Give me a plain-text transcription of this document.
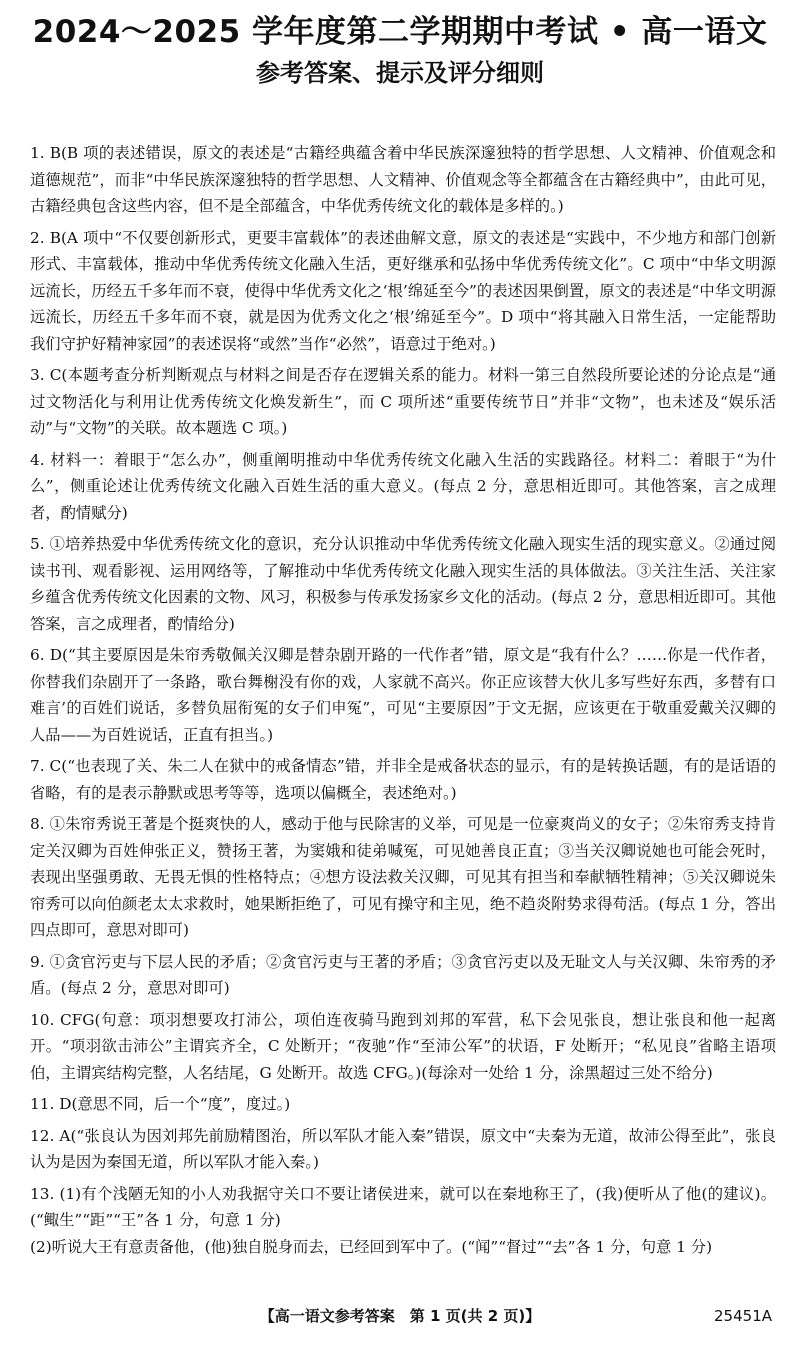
2024～2025 学年度第二学期期中考试 • 高一语文
参考答案、提示及评分细则
1. B(B 项的表述错误，原文的表述是“古籍经典蕴含着中华民族深邃独特的哲学思想、人文精神、价值观念和道德规范”，而非“中华民族深邃独特的哲学思想、人文精神、价值观念等全都蕴含在古籍经典中”，由此可见，古籍经典包含这些内容，但不是全部蕴含，中华优秀传统文化的载体是多样的。)
2. B(A 项中“不仅要创新形式，更要丰富载体”的表述曲解文意，原文的表述是“实践中，不少地方和部门创新形式、丰富载体，推动中华优秀传统文化融入生活，更好继承和弘扬中华优秀传统文化”。C 项中“中华文明源远流长，历经五千多年而不衰，使得中华优秀文化之‘根’绵延至今”的表述因果倒置，原文的表述是“中华文明源远流长，历经五千多年而不衰，就是因为优秀文化之‘根’绵延至今”。D 项中“将其融入日常生活，一定能帮助我们守护好精神家园”的表述误将“或然”当作“必然”，语意过于绝对。)
3. C(本题考查分析判断观点与材料之间是否存在逻辑关系的能力。材料一第三自然段所要论述的分论点是“通过文物活化与利用让优秀传统文化焕发新生”，而 C 项所述“重要传统节日”并非“文物”，也未述及“娱乐活动”与“文物”的关联。故本题选 C 项。)
4. 材料一：着眼于“怎么办”，侧重阐明推动中华优秀传统文化融入生活的实践路径。材料二：着眼于“为什么”，侧重论述让优秀传统文化融入百姓生活的重大意义。(每点 2 分，意思相近即可。其他答案，言之成理者，酌情赋分)
5. ①培养热爱中华优秀传统文化的意识，充分认识推动中华优秀传统文化融入现实生活的现实意义。②通过阅读书刊、观看影视、运用网络等，了解推动中华优秀传统文化融入现实生活的具体做法。③关注生活、关注家乡蕴含优秀传统文化因素的文物、风习，积极参与传承发扬家乡文化的活动。(每点 2 分，意思相近即可。其他答案，言之成理者，酌情给分)
6. D(“其主要原因是朱帘秀敬佩关汉卿是替杂剧开路的一代作者”错，原文是“我有什么？……你是一代作者，你替我们杂剧开了一条路，歌台舞榭没有你的戏，人家就不高兴。你正应该替大伙儿多写些好东西，多替有口难言’的百姓们说话，多替负屈衔冤的女子们申冤”，可见“主要原因”于文无据，应该更在于敬重爱戴关汉卿的人品——为百姓说话，正直有担当。)
7. C(“也表现了关、朱二人在狱中的戒备情态”错，并非全是戒备状态的显示，有的是转换话题，有的是话语的省略，有的是表示静默或思考等等，选项以偏概全，表述绝对。)
8. ①朱帘秀说王著是个挺爽快的人，感动于他与民除害的义举，可见是一位豪爽尚义的女子；②朱帘秀支持肯定关汉卿为百姓伸张正义，赞扬王著，为窦娥和徒弟喊冤，可见她善良正直；③当关汉卿说她也可能会死时，表现出坚强勇敢、无畏无惧的性格特点；④想方设法救关汉卿，可见其有担当和奉献牺牲精神；⑤关汉卿说朱帘秀可以向伯颜老太太求救时，她果断拒绝了，可见有操守和主见，绝不趋炎附势求得苟活。(每点 1 分，答出四点即可，意思对即可)
9. ①贪官污吏与下层人民的矛盾；②贪官污吏与王著的矛盾；③贪官污吏以及无耻文人与关汉卿、朱帘秀的矛盾。(每点 2 分，意思对即可)
10. CFG(句意：项羽想要攻打沛公，项伯连夜骑马跑到刘邦的军营，私下会见张良，想让张良和他一起离开。“项羽欲击沛公”主谓宾齐全，C 处断开；“夜驰”作“至沛公军”的状语，F 处断开；“私见良”省略主语项伯，主谓宾结构完整，人名结尾，G 处断开。故选 CFG。)(每涂对一处给 1 分，涂黑超过三处不给分)
11. D(意思不同，后一个“度”，度过。)
12. A(“张良认为因刘邦先前励精图治，所以军队才能入秦”错误，原文中“夫秦为无道，故沛公得至此”，张良认为是因为秦国无道，所以军队才能入秦。)
13. (1)有个浅陋无知的小人劝我据守关口不要让诸侯进来，就可以在秦地称王了，(我)便听从了他(的建议)。(“鲰生”“距”“王”各 1 分，句意 1 分)
(2)听说大王有意责备他，(他)独自脱身而去，已经回到军中了。(“闻”“督过”“去”各 1 分，句意 1 分)
【高一语文参考答案　第 1 页(共 2 页)】	25451A
